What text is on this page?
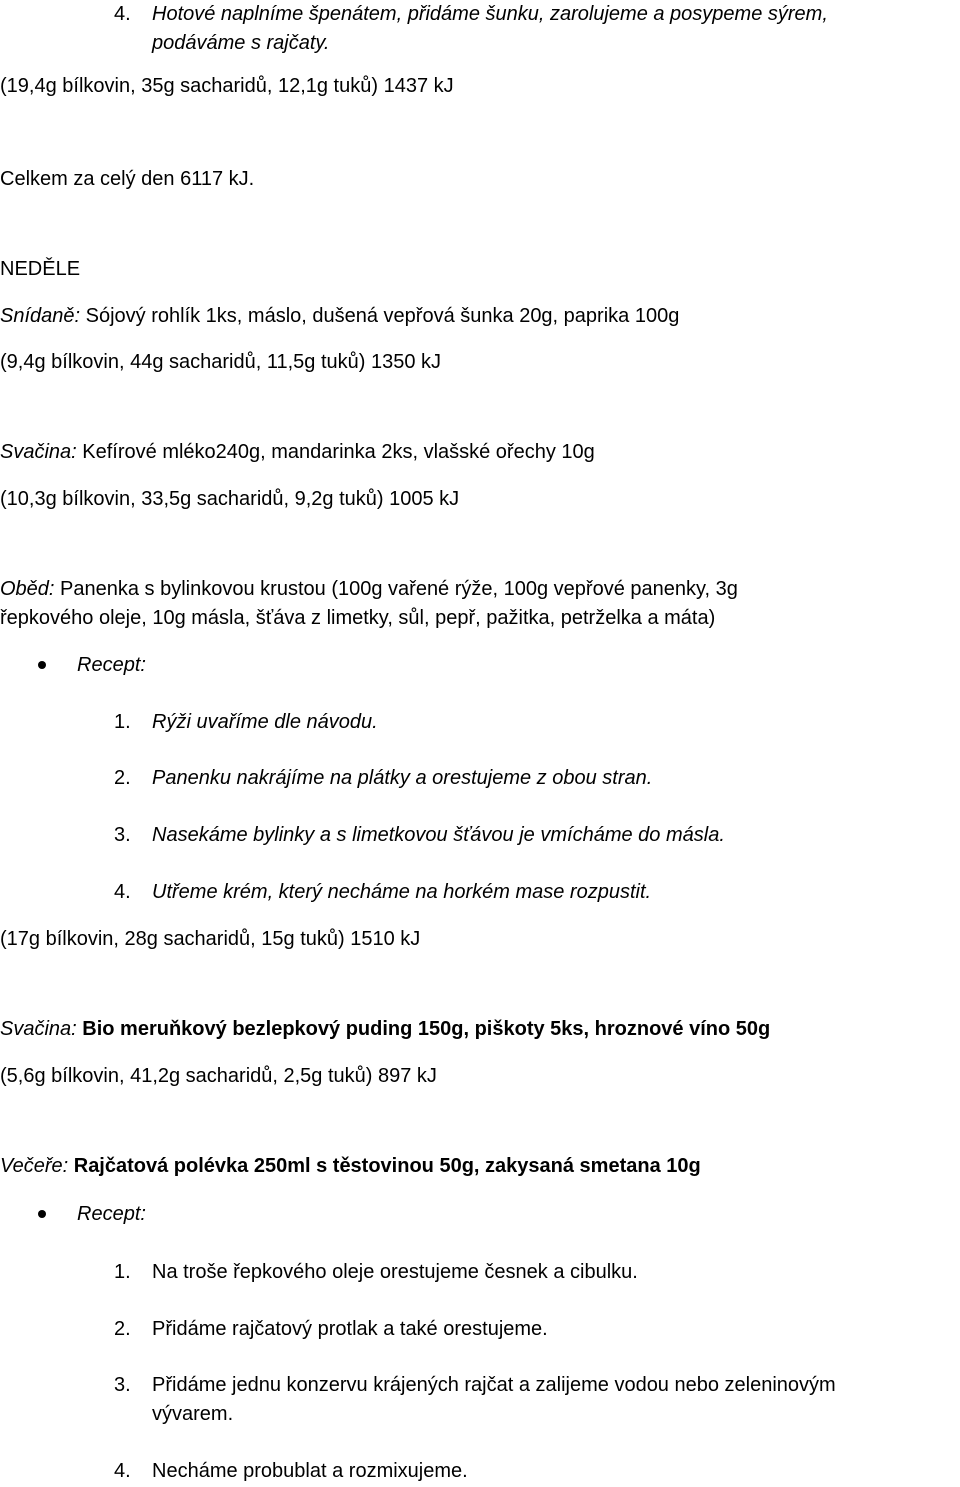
4. Hotové naplníme špenátem, přidáme šunku, zarolujeme a posypeme sýrem,
podáváme s rajčaty.
(19,4g bílkovin, 35g sacharidů, 12,1g tuků) 1437 kJ
Celkem za celý den 6117 kJ.
NEDĚLE
Snídaně: Sójový rohlík 1ks, máslo, dušená vepřová šunka 20g, paprika 100g
(9,4g bílkovin, 44g sacharidů, 11,5g tuků) 1350 kJ
Svačina: Kefírové mléko240g, mandarinka 2ks, vlašské ořechy 10g
(10,3g bílkovin, 33,5g sacharidů, 9,2g tuků) 1005 kJ
Oběd: Panenka s bylinkovou krustou (100g vařené rýže, 100g vepřové panenky, 3g
řepkového oleje, 10g másla, šťáva z limetky, sůl, pepř, pažitka, petrželka a máta)
Recept:
1. Rýži uvaříme dle návodu.
2. Panenku nakrájíme na plátky a orestujeme z obou stran.
3. Nasekáme bylinky a s limetkovou šťávou je vmícháme do másla.
4. Utřeme krém, který necháme na horkém mase rozpustit.
(17g bílkovin, 28g sacharidů, 15g tuků) 1510 kJ
Svačina: Bio meruňkový bezlepkový puding 150g, piškoty 5ks, hroznové víno 50g
(5,6g bílkovin, 41,2g sacharidů, 2,5g tuků) 897 kJ
Večeře: Rajčatová polévka 250ml s těstovinou 50g, zakysaná smetana 10g
Recept:
1. Na troše řepkového oleje orestujeme česnek a cibulku.
2. Přidáme rajčatový protlak a také orestujeme.
3. Přidáme jednu konzervu krájených rajčat a zalijeme vodou nebo zeleninovým
vývarem.
4. Necháme probublat a rozmixujeme.
